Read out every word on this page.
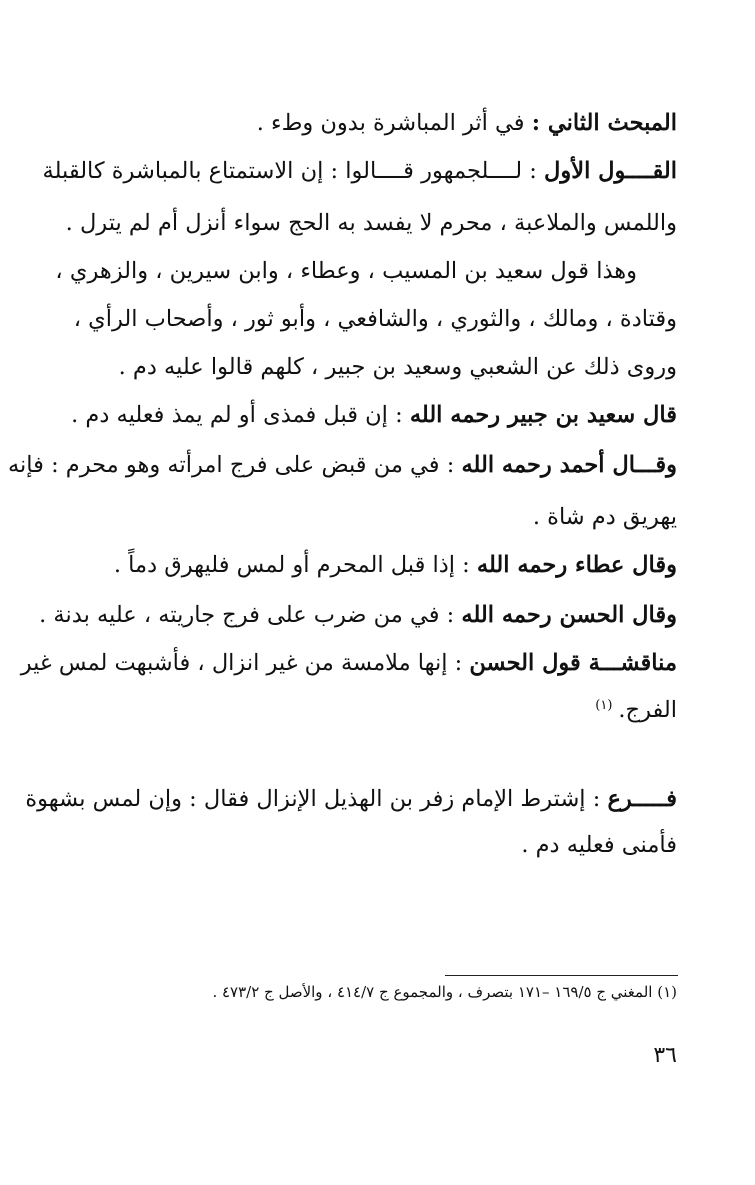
المبحث الثاني : في أثر المباشرة بدون وطء .
القــــول الأول : لــــلجمهور قــــالوا : إن الاستمتاع بالمباشرة كالقبلة
واللمس والملاعبة ، محرم لا يفسد به الحج سواء أنزل أم لم يترل .
وهذا قول سعيد بن المسيب ، وعطاء ، وابن سيرين ، والزهري ،
وقتادة ، ومالك ، والثوري ، والشافعي ، وأبو ثور ، وأصحاب الرأي ،
وروى ذلك عن الشعبي وسعيد بن جبير ، كلهم قالوا عليه دم .
قال سعيد بن جبير رحمه الله : إن قبل فمذى أو لم يمذ فعليه دم .
وقـــال أحمد رحمه الله : في من قبض على فرج امرأته وهو محرم : فإنه
يهريق دم شاة .
وقال عطاء رحمه الله : إذا قبل المحرم أو لمس فليهرق دماً .
وقال الحسن رحمه الله : في من ضرب على فرج جاريته ، عليه بدنة .
مناقشـــة قول الحسن : إنها ملامسة من غير انزال ، فأشبهت لمس غير
الفرج.$^{(١)}$
فـــــرع : إشترط الإمام زفر بن الهذيل الإنزال فقال : وإن لمس بشهوة
فأمنى فعليه دم .
(١) المغني ج ١٦٩/٥ –١٧١ بتصرف ، والمجموع ج ٤١٤/٧ ، والأصل ج ٤٧٣/٢ .
٣٦
